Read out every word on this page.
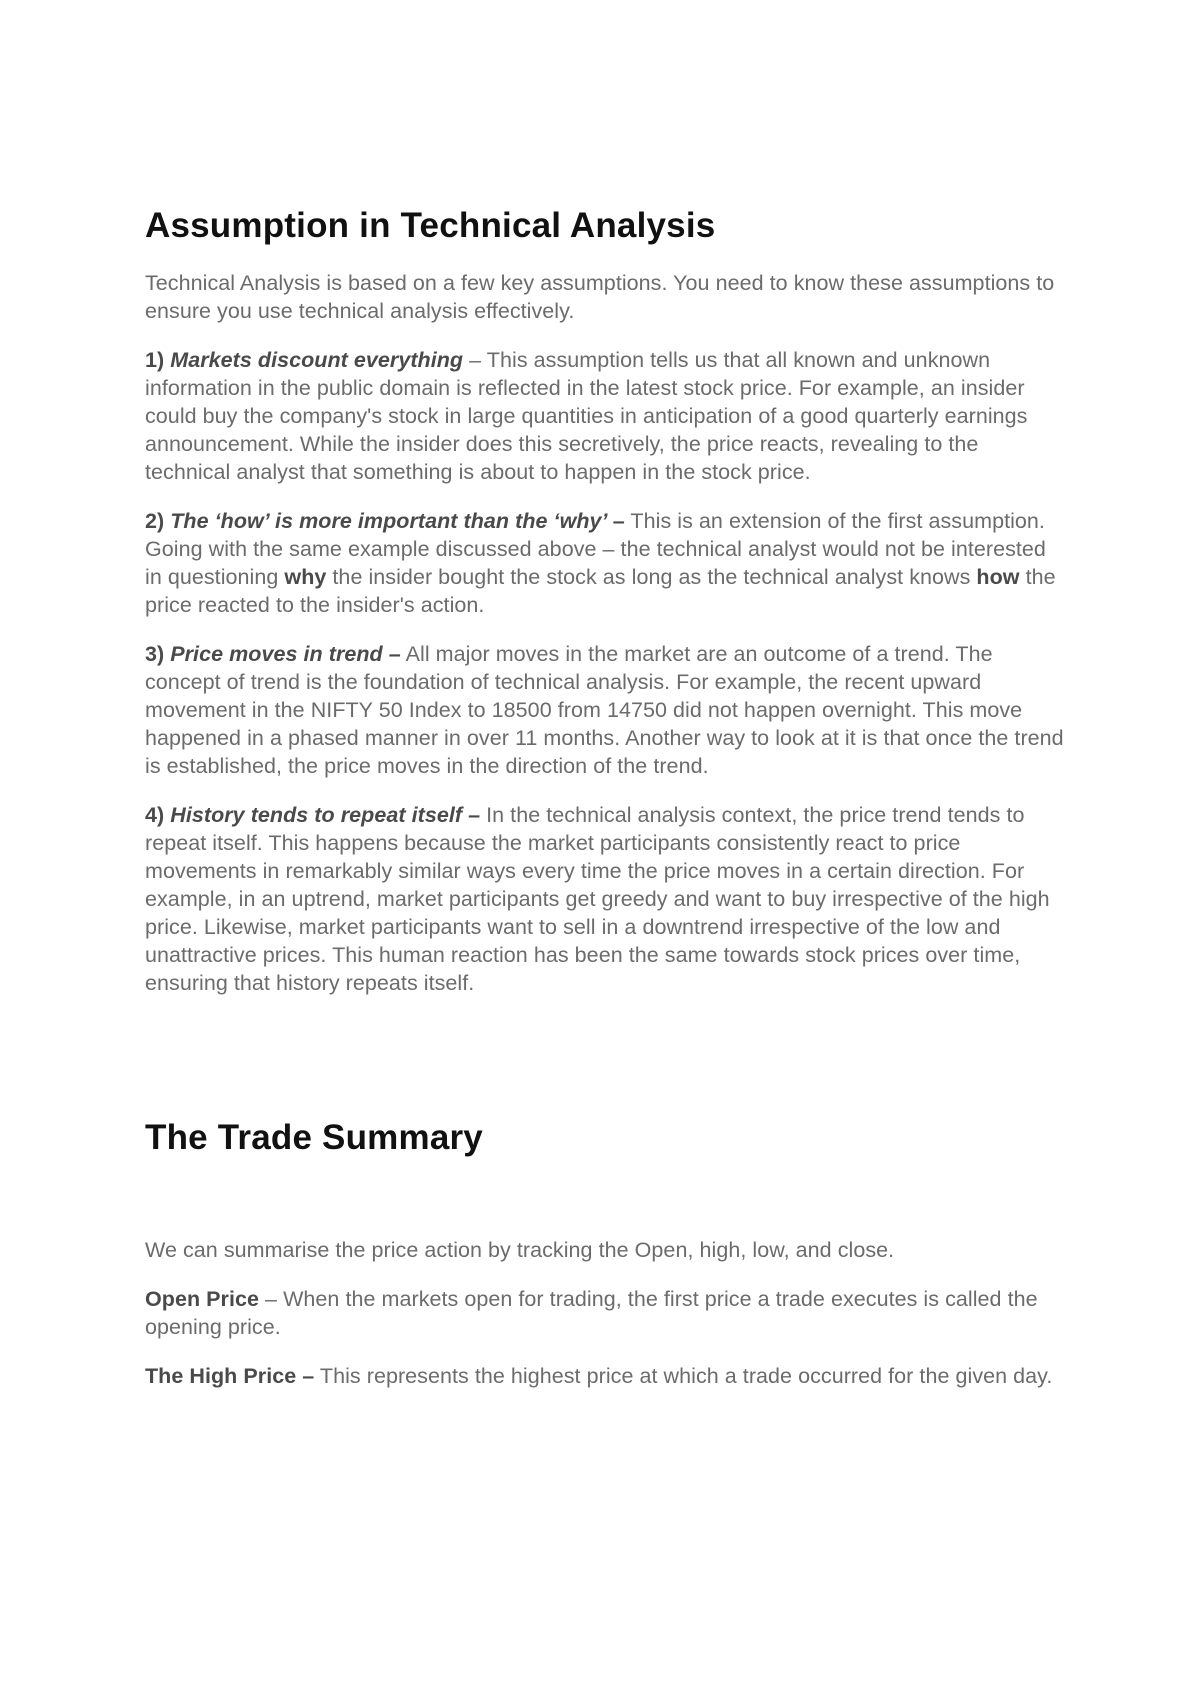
Assumption in Technical Analysis

Technical Analysis is based on a few key assumptions. You need to know these assumptions to ensure you use technical analysis effectively.

1) Markets discount everything – This assumption tells us that all known and unknown information in the public domain is reflected in the latest stock price. For example, an insider could buy the company's stock in large quantities in anticipation of a good quarterly earnings announcement. While the insider does this secretively, the price reacts, revealing to the technical analyst that something is about to happen in the stock price.

2) The ‘how’ is more important than the ‘why’ – This is an extension of the first assumption. Going with the same example discussed above – the technical analyst would not be interested in questioning why the insider bought the stock as long as the technical analyst knows how the price reacted to the insider's action.

3) Price moves in trend – All major moves in the market are an outcome of a trend. The concept of trend is the foundation of technical analysis. For example, the recent upward movement in the NIFTY 50 Index to 18500 from 14750 did not happen overnight. This move happened in a phased manner in over 11 months. Another way to look at it is that once the trend is established, the price moves in the direction of the trend.

4) History tends to repeat itself – In the technical analysis context, the price trend tends to repeat itself. This happens because the market participants consistently react to price movements in remarkably similar ways every time the price moves in a certain direction. For example, in an uptrend, market participants get greedy and want to buy irrespective of the high price. Likewise, market participants want to sell in a downtrend irrespective of the low and unattractive prices. This human reaction has been the same towards stock prices over time, ensuring that history repeats itself.

The Trade Summary

We can summarise the price action by tracking the Open, high, low, and close.

Open Price – When the markets open for trading, the first price a trade executes is called the opening price.

The High Price – This represents the highest price at which a trade occurred for the given day.
